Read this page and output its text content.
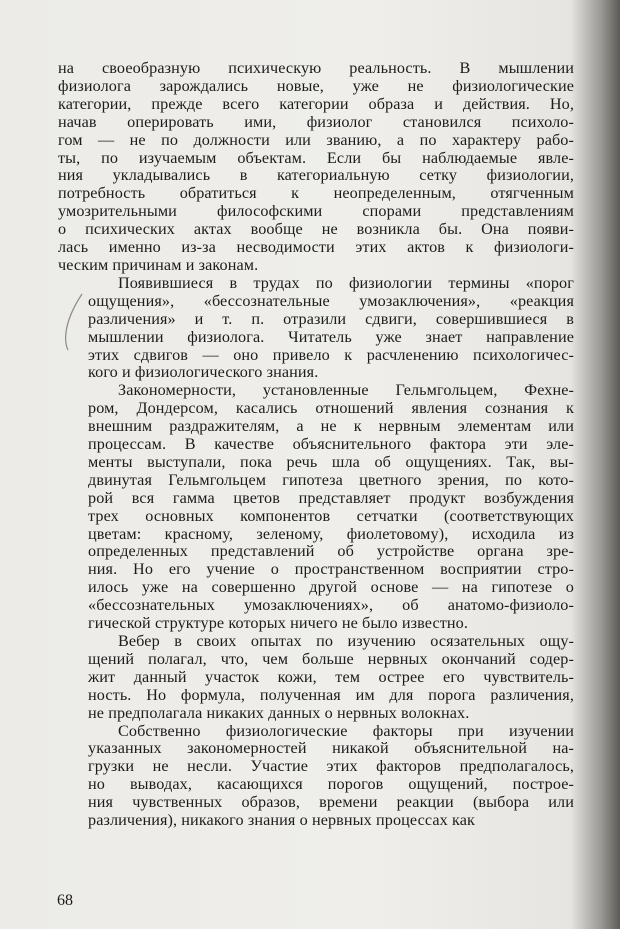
на своеобразную психическую реальность. В мышлении
физиолога зарождались новые, уже не физиологические
категории, прежде всего категории образа и действия. Но,
начав оперировать ими, физиолог становился психоло-
гом — не по должности или званию, а по характеру рабо-
ты, по изучаемым объектам. Если бы наблюдаемые явле-
ния укладывались в категориальную сетку физиологии,
потребность обратиться к неопределенным, отягченным
умозрительными философскими спорами представлениям
о психических актах вообще не возникла бы. Она появи-
лась именно из-за несводимости этих актов к физиологи-
ческим причинам и законам.

Появившиеся в трудах по физиологии термины «порог
ощущения», «бессознательные умозаключения», «реакция
различения» и т. п. отразили сдвиги, совершившиеся в
мышлении физиолога. Читатель уже знает направление
этих сдвигов — оно привело к расчленению психологичес-
кого и физиологического знания.

Закономерности, установленные Гельмгольцем, Фехне-
ром, Дондерсом, касались отношений явления сознания к
внешним раздражителям, а не к нервным элементам или
процессам. В качестве объяснительного фактора эти эле-
менты выступали, пока речь шла об ощущениях. Так, вы-
двинутая Гельмгольцем гипотеза цветного зрения, по кото-
рой вся гамма цветов представляет продукт возбуждения
трех основных компонентов сетчатки (соответствующих
цветам: красному, зеленому, фиолетовому), исходила из
определенных представлений об устройстве органа зре-
ния. Но его учение о пространственном восприятии стро-
илось уже на совершенно другой основе — на гипотезе о
«бессознательных умозаключениях», об анатомо-физиоло-
гической структуре которых ничего не было известно.

Вебер в своих опытах по изучению осязательных ощу-
щений полагал, что, чем больше нервных окончаний содер-
жит данный участок кожи, тем острее его чувствитель-
ность. Но формула, полученная им для порога различения,
не предполагала никаких данных о нервных волокнах.

Собственно физиологические факторы при изучении
указанных закономерностей никакой объяснительной на-
грузки не несли. Участие этих факторов предполагалось,
но выводах, касающихся порогов ощущений, построе-
ния чувственных образов, времени реакции (выбора или
различения), никакого знания о нервных процессах как

68
